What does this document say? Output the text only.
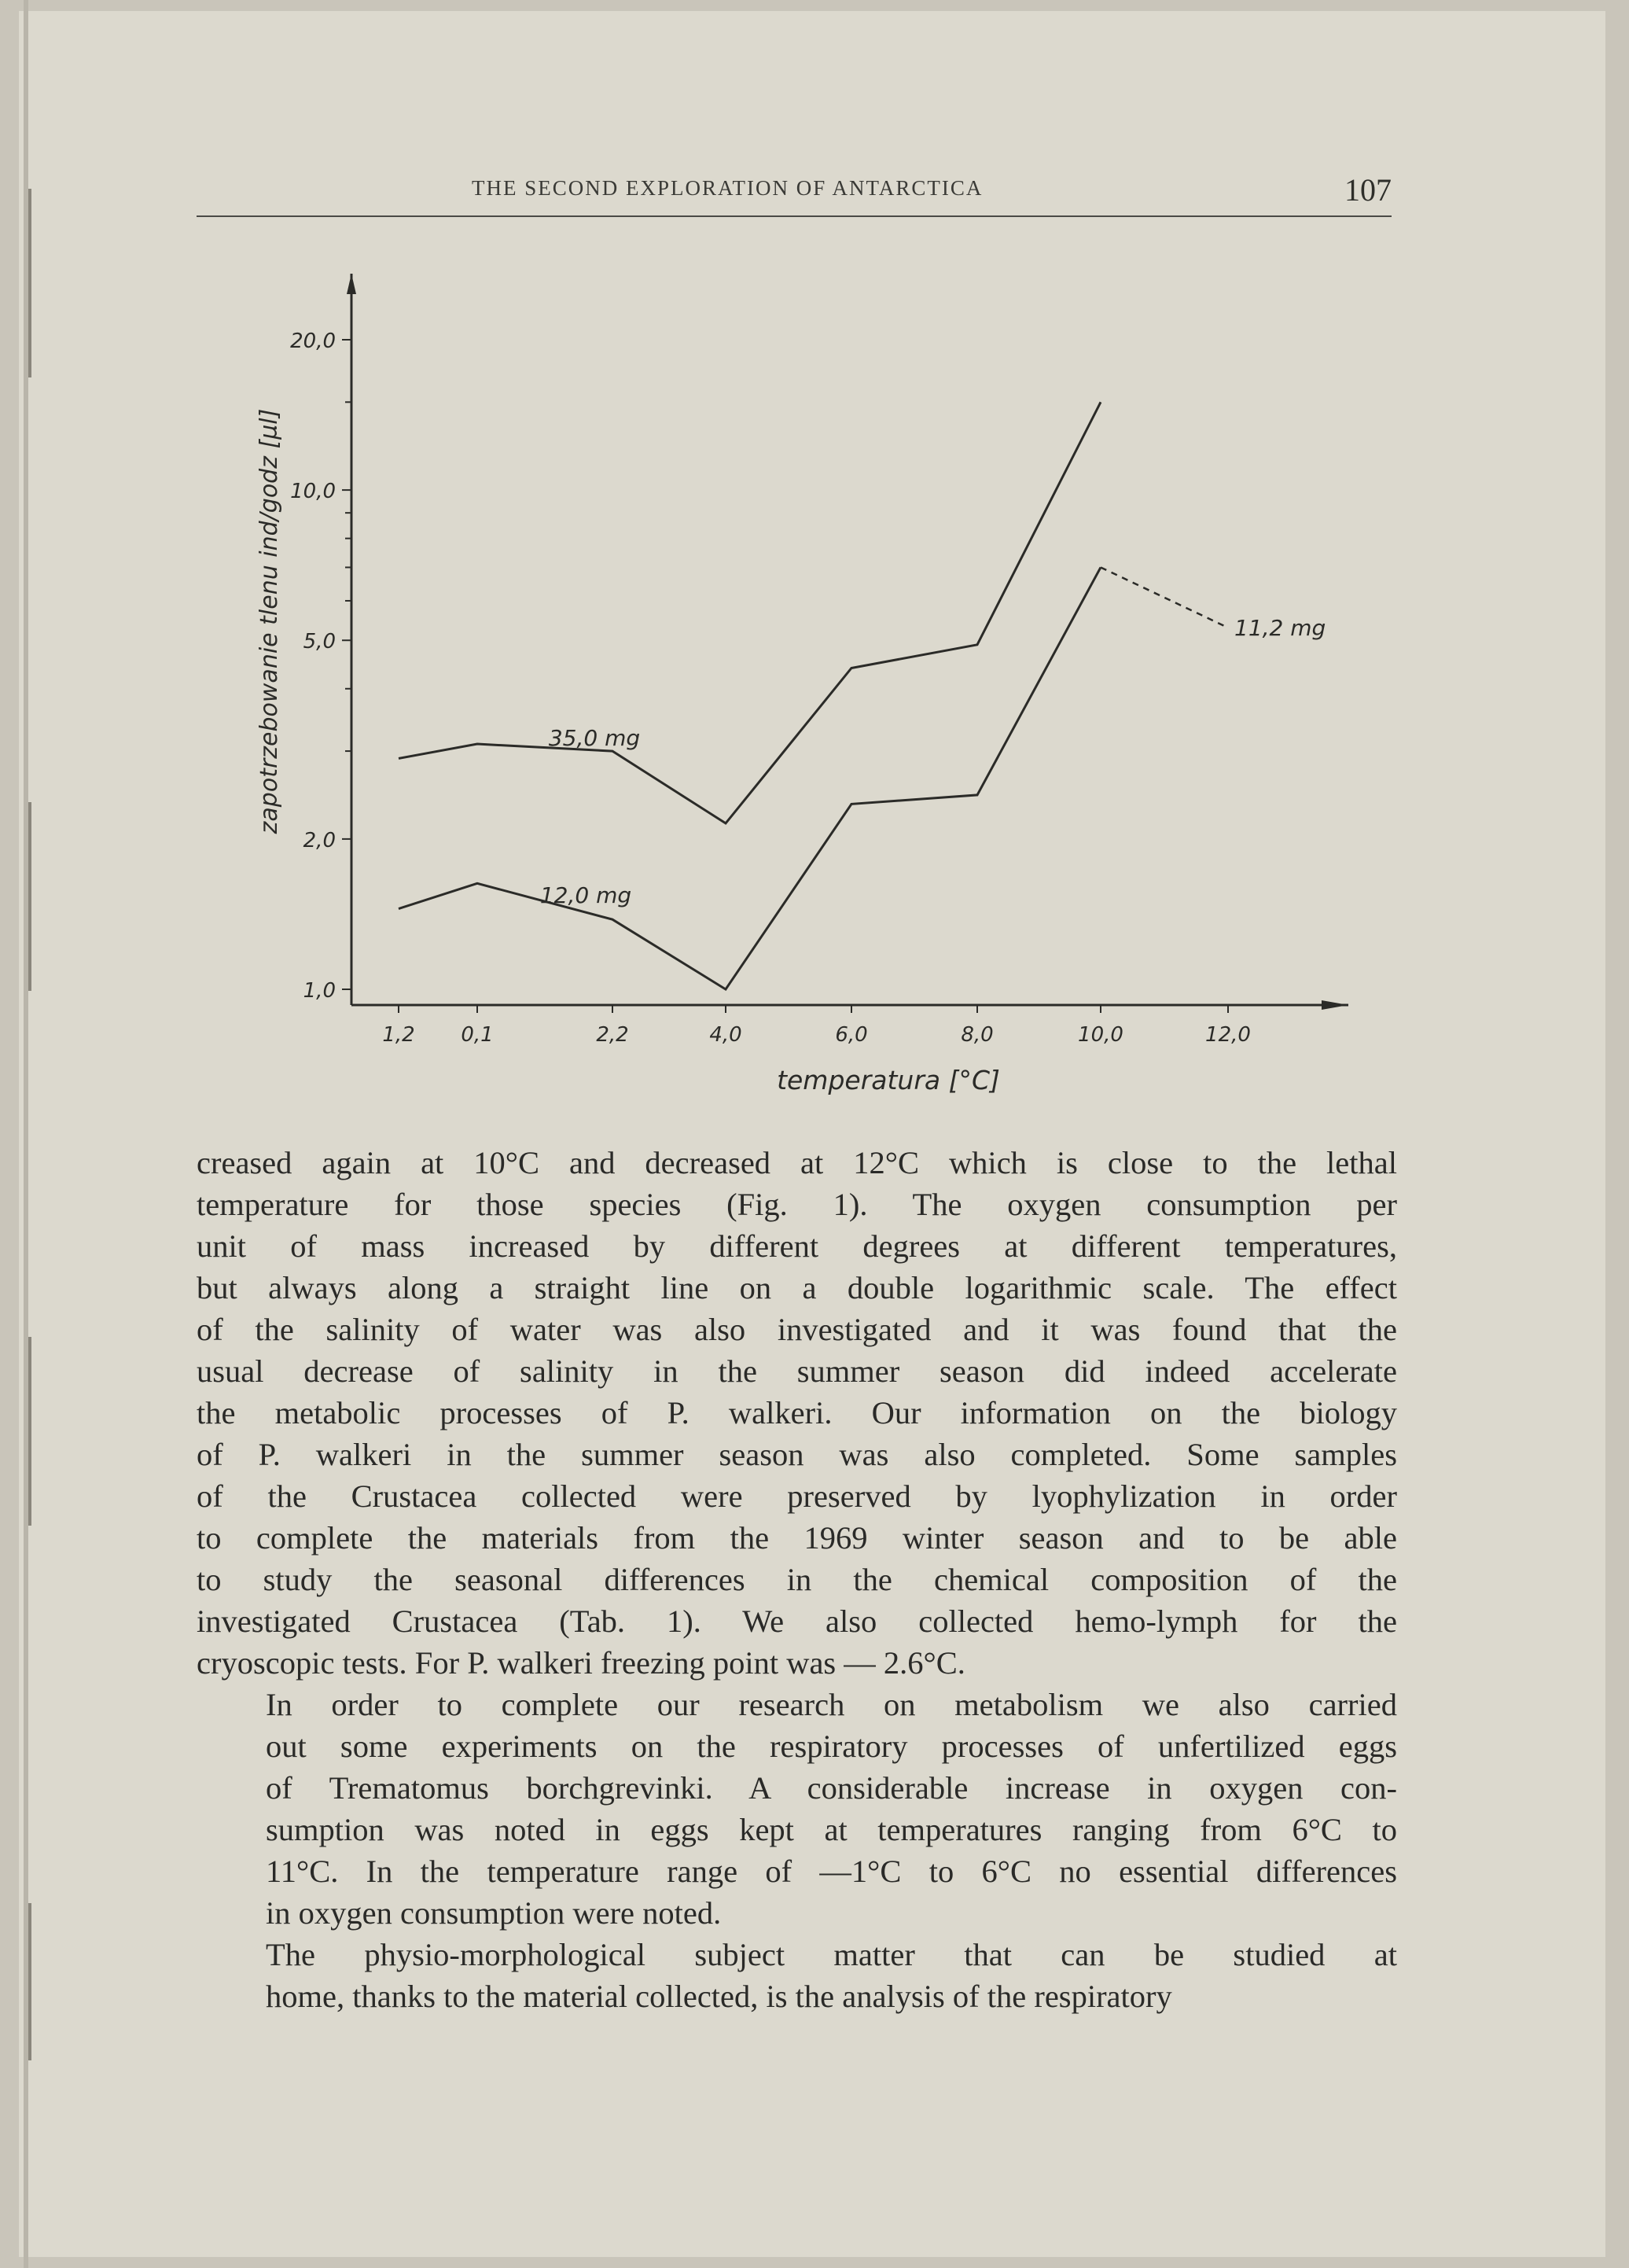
THE SECOND EXPLORATION OF ANTARCTICA	107
1,0
2,0
5,0
10,0
20,0
1,2 0,1	2,2	4,0	6,0	8,0	10,0	12,0
temperatura [°C]
zapotrzebowanie tlenu ind/godz [µl]	35,0 mg
11,2 mg
12,0 mg

creased again at 10°C and decreased at 12°C which is close to the lethal
temperature for those species (Fig. 1). The oxygen consumption per
unit of mass increased by different degrees at different temperatures,
but always along a straight line on a double logarithmic scale. The effect
of the salinity of water was also investigated and it was found that the
usual decrease of salinity in the summer season did indeed accelerate
the metabolic processes of P. walkeri. Our information on the biology
of P. walkeri in the summer season was also completed. Some samples
of the Crustacea collected were preserved by lyophylization in order
to complete the materials from the 1969 winter season and to be able
to study the seasonal differences in the chemical composition of the
investigated Crustacea (Tab. 1). We also collected hemo-lymph for the
cryoscopic tests. For P. walkeri freezing point was — 2.6°C.

In order to complete our research on metabolism we also carried
out some experiments on the respiratory processes of unfertilized eggs
of Trematomus borchgrevinki. A considerable increase in oxygen con-
sumption was noted in eggs kept at temperatures ranging from 6°C to
11°C. In the temperature range of —1°C to 6°C no essential differences
in oxygen consumption were noted.

The physio-morphological subject matter that can be studied at
home, thanks to the material collected, is the analysis of the respiratory
